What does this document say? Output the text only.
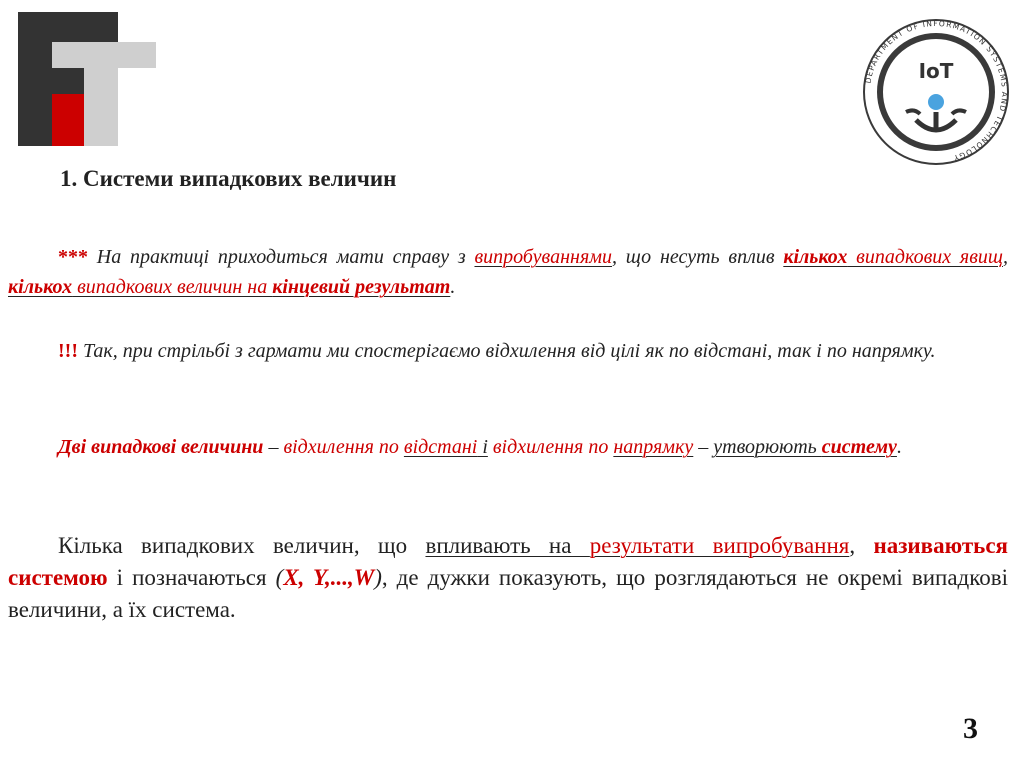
DEPARTMENT OF INFORMATION SYSTEMS AND TECHNOLOGY
IoT
1. Системи випадкових величин
*** На практиці приходиться мати справу з випробуваннями, що несуть вплив кількох випадкових явищ, кількох випадкових величин на кінцевий результат.
!!! Так, при стрільбі з гармати ми спостерігаємо відхилення від цілі як по відстані, так і по напрямку.
Дві випадкові величини – відхилення по відстані і відхилення по напрямку – утворюють систему.
Кілька випадкових величин, що впливають на результати випробування, називаються системою і позначаються (X, Y,...,W), де дужки показують, що розглядаються не окремі випадкові величини, а їх система.
3
